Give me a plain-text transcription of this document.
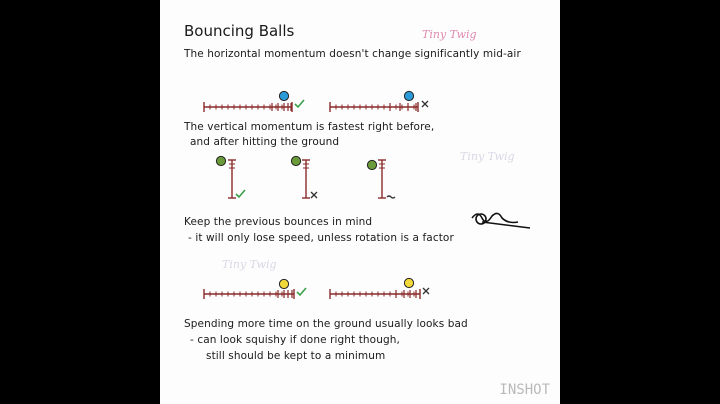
Bouncing Balls	Tiny Twig
Tiny Twig
Tiny Twig
The horizontal momentum doesn't change significantly mid-air
The vertical momentum is fastest right before,
and after hitting the ground
Keep the previous bounces in mind
- it will only lose speed, unless rotation is a factor
Spending more time on the ground usually looks bad
- can look squishy if done right though,
still should be kept to a minimum
INSHOT
